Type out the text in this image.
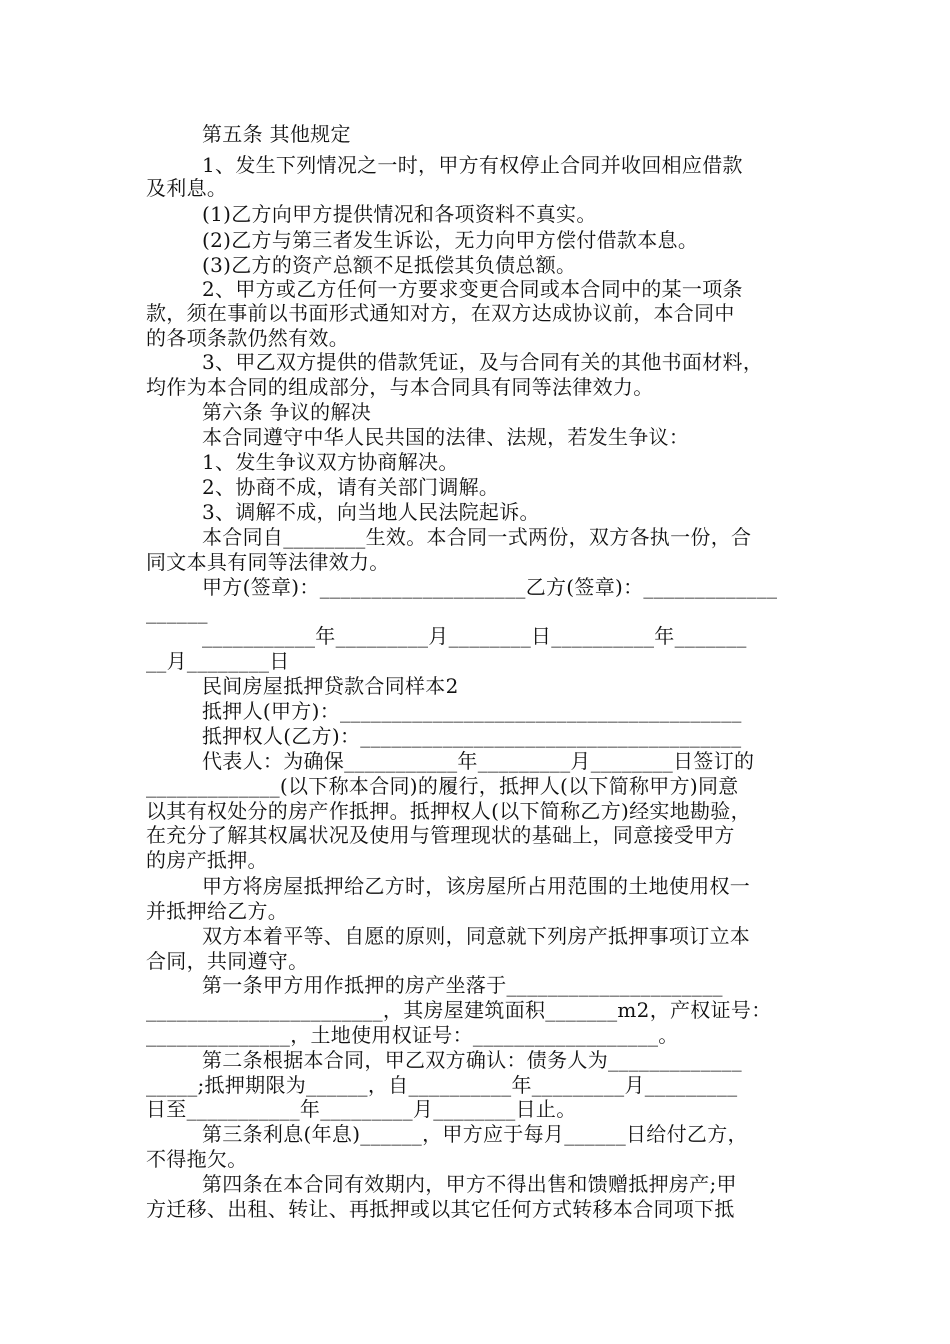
第五条 其他规定
1、发生下列情况之一时，甲方有权停止合同并收回相应借款
及利息。
(1)乙方向甲方提供情况和各项资料不真实。
(2)乙方与第三者发生诉讼，无力向甲方偿付借款本息。
(3)乙方的资产总额不足抵偿其负债总额。
2、甲方或乙方任何一方要求变更合同或本合同中的某一项条
款，须在事前以书面形式通知对方，在双方达成协议前，本合同中
的各项条款仍然有效。
3、甲乙双方提供的借款凭证，及与合同有关的其他书面材料，
均作为本合同的组成部分，与本合同具有同等法律效力。
第六条 争议的解决
本合同遵守中华人民共国的法律、法规，若发生争议：
1、发生争议双方协商解决。
2、协商不成，请有关部门调解。
3、调解不成，向当地人民法院起诉。
本合同自________生效。本合同一式两份，双方各执一份，合
同文本具有同等法律效力。
甲方(签章)：____________________乙方(签章)：_____________
______
___________年_________月________日__________年_______
__月________日
民间房屋抵押贷款合同样本2
抵押人(甲方)：_______________________________________
抵押权人(乙方)：_____________________________________
代表人：为确保___________年_________月________日签订的
_____________(以下称本合同)的履行，抵押人(以下简称甲方)同意
以其有权处分的房产作抵押。抵押权人(以下简称乙方)经实地勘验，
在充分了解其权属状况及使用与管理现状的基础上，同意接受甲方
的房产抵押。
甲方将房屋抵押给乙方时，该房屋所占用范围的土地使用权一
并抵押给乙方。
双方本着平等、自愿的原则，同意就下列房产抵押事项订立本
合同，共同遵守。
第一条甲方用作抵押的房产坐落于_____________________
_______________________，其房屋建筑面积_______m2，产权证号：
______________，土地使用权证号：__________________。
第二条根据本合同，甲乙双方确认：债务人为_____________
_____;抵押期限为______，自__________年_________月_________
日至___________年_________月________日止。
第三条利息(年息)______，甲方应于每月______日给付乙方，
不得拖欠。
第四条在本合同有效期内，甲方不得出售和馈赠抵押房产;甲
方迁移、出租、转让、再抵押或以其它任何方式转移本合同项下抵
